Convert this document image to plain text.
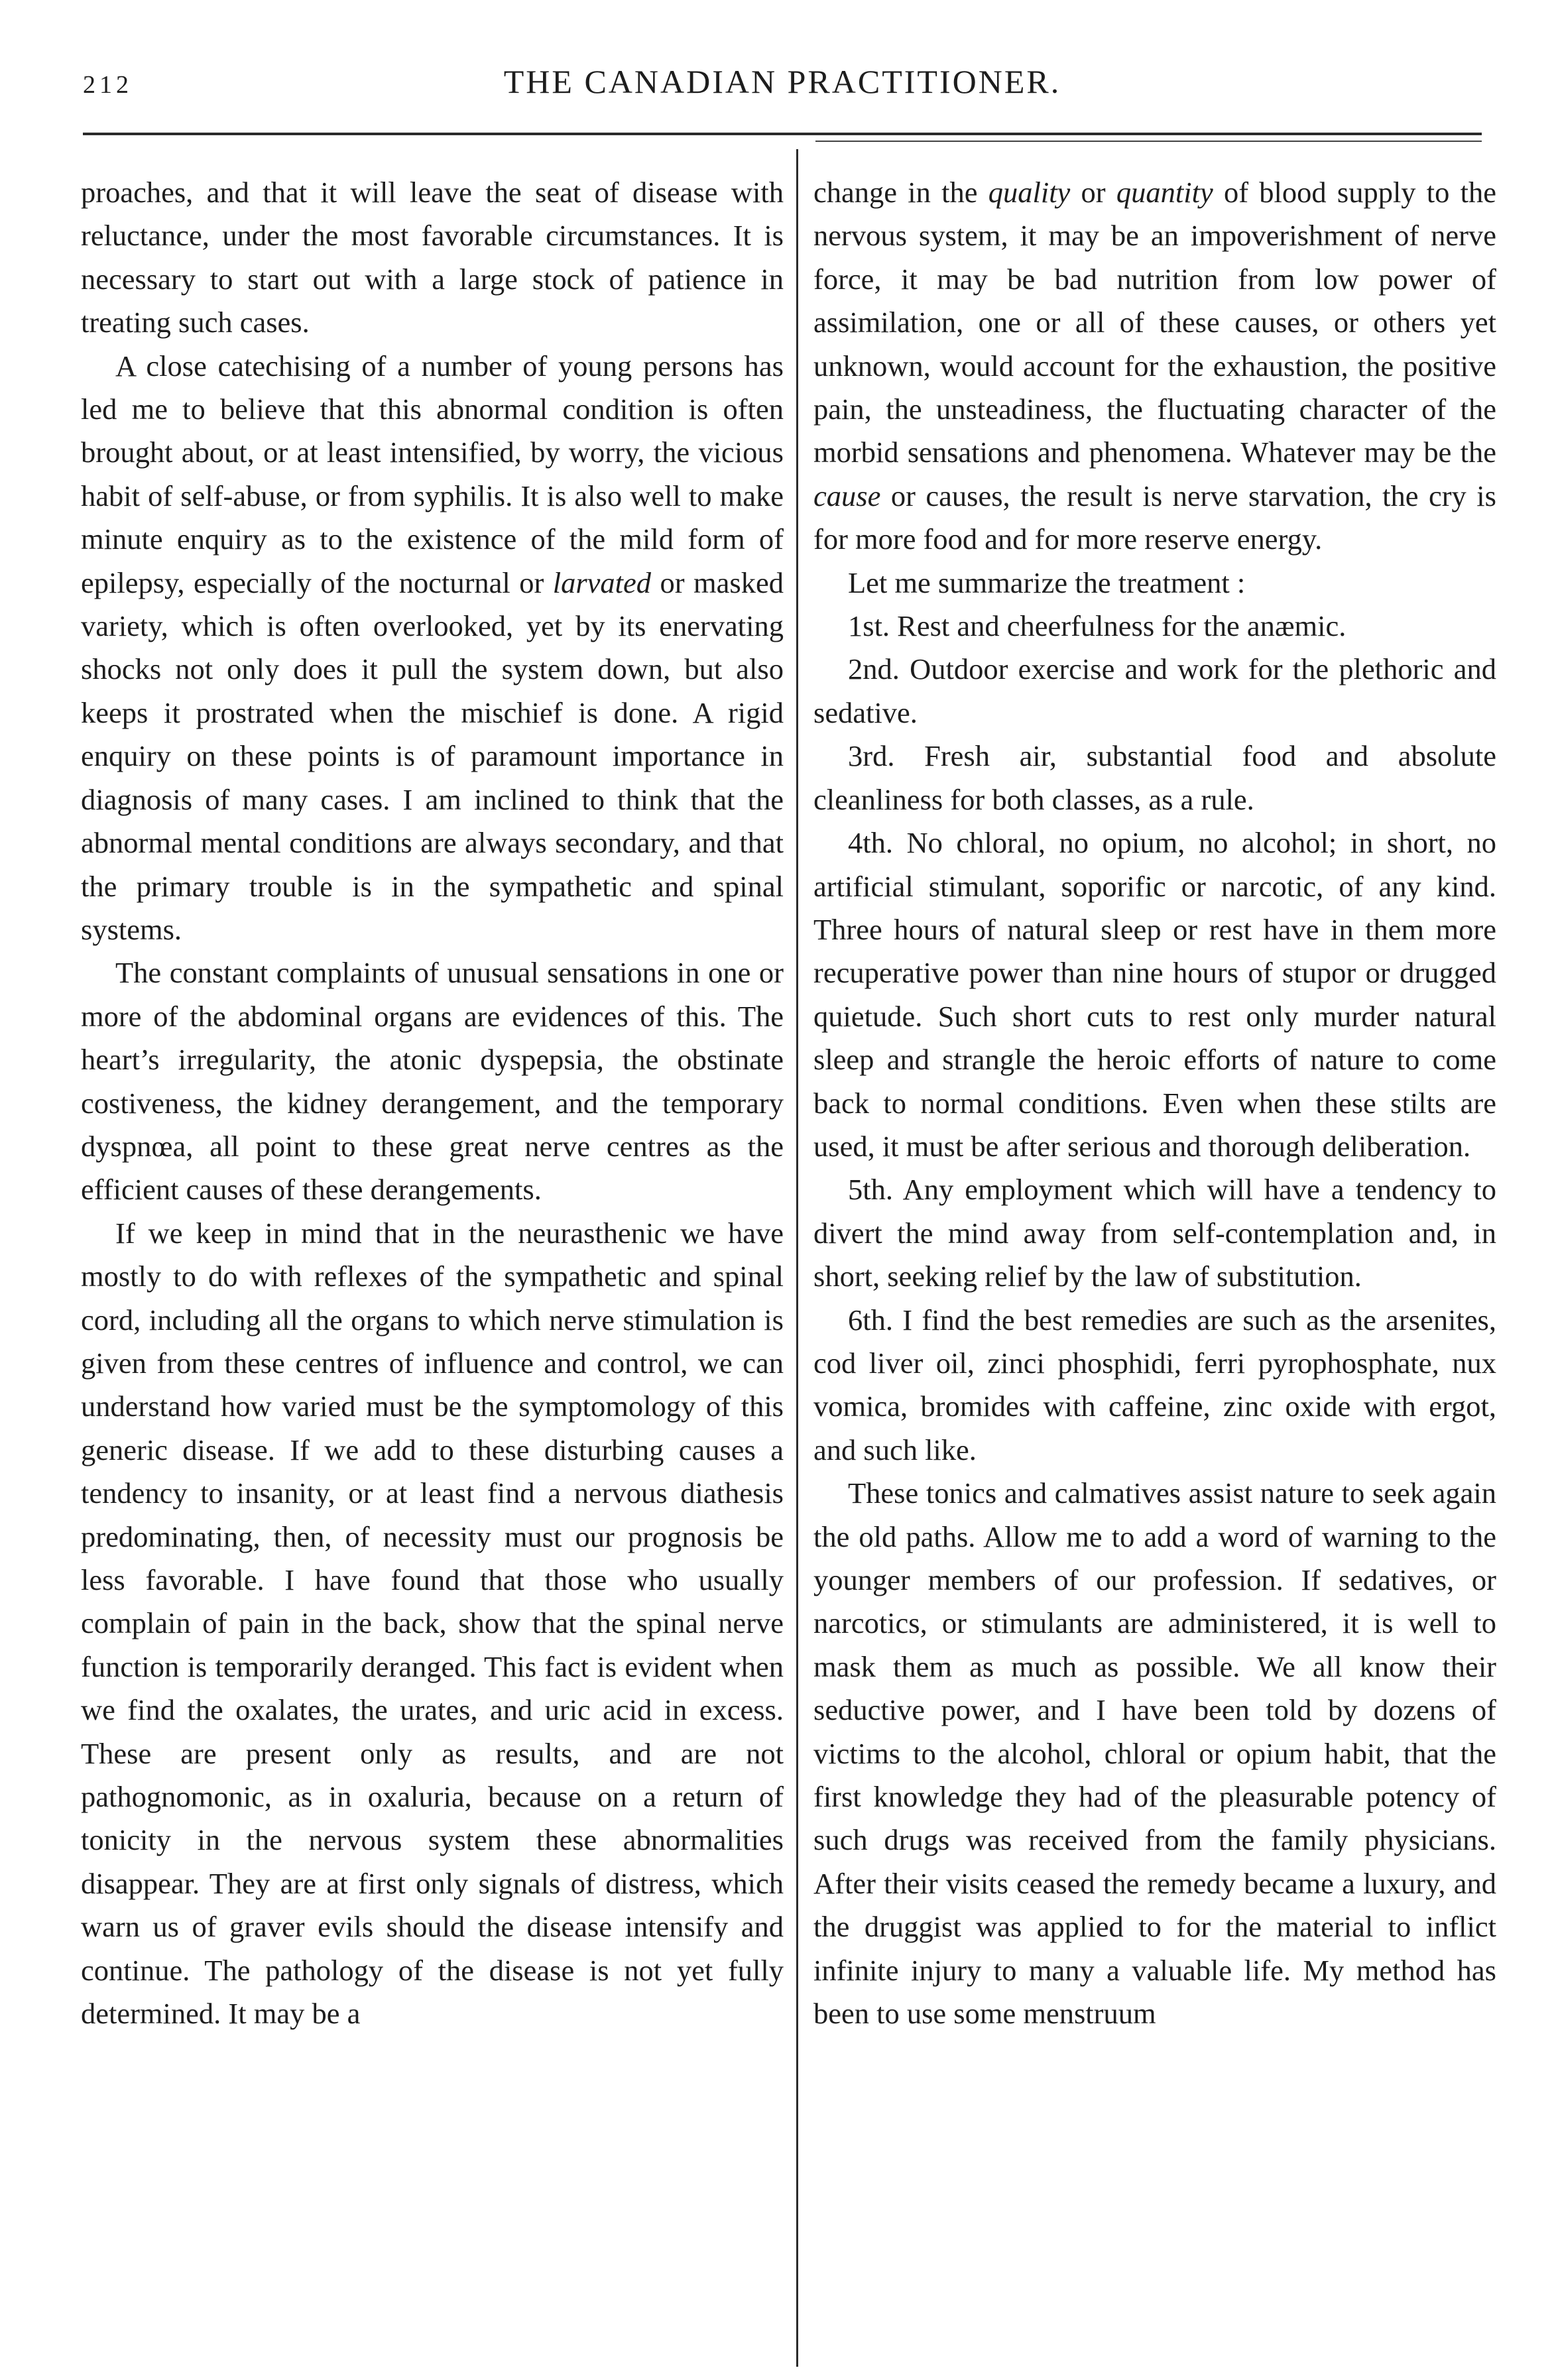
212	THE CANADIAN PRACTITIONER.

proaches, and that it will leave the seat of disease with reluctance, under the most favorable circumstances. It is necessary to start out with a large stock of patience in treating such cases.

A close catechising of a number of young persons has led me to believe that this abnormal condition is often brought about, or at least intensified, by worry, the vicious habit of self-abuse, or from syphilis. It is also well to make minute enquiry as to the existence of the mild form of epilepsy, especially of the nocturnal or larvated or masked variety, which is often overlooked, yet by its enervating shocks not only does it pull the system down, but also keeps it prostrated when the mischief is done. A rigid enquiry on these points is of paramount importance in diagnosis of many cases. I am inclined to think that the abnormal mental conditions are always secondary, and that the primary trouble is in the sympathetic and spinal systems.

The constant complaints of unusual sensations in one or more of the abdominal organs are evidences of this. The heart’s irregularity, the atonic dyspepsia, the obstinate costiveness, the kidney derangement, and the temporary dyspnœa, all point to these great nerve centres as the efficient causes of these derangements.

If we keep in mind that in the neurasthenic we have mostly to do with reflexes of the sympathetic and spinal cord, including all the organs to which nerve stimulation is given from these centres of influence and control, we can understand how varied must be the symptomology of this generic disease. If we add to these disturbing causes a tendency to insanity, or at least find a nervous diathesis predominating, then, of necessity must our prognosis be less favorable. I have found that those who usually complain of pain in the back, show that the spinal nerve function is temporarily deranged. This fact is evident when we find the oxalates, the urates, and uric acid in excess. These are present only as results, and are not pathognomonic, as in oxaluria, because on a return of tonicity in the nervous system these abnormalities disappear. They are at first only signals of distress, which warn us of graver evils should the disease intensify and continue. The pathology of the disease is not yet fully determined. It may be a

change in the quality or quantity of blood supply to the nervous system, it may be an impoverishment of nerve force, it may be bad nutrition from low power of assimilation, one or all of these causes, or others yet unknown, would account for the exhaustion, the positive pain, the unsteadiness, the fluctuating character of the morbid sensations and phenomena. Whatever may be the cause or causes, the result is nerve starvation, the cry is for more food and for more reserve energy.

Let me summarize the treatment :

1st. Rest and cheerfulness for the anæmic.

2nd. Outdoor exercise and work for the plethoric and sedative.

3rd. Fresh air, substantial food and absolute cleanliness for both classes, as a rule.

4th. No chloral, no opium, no alcohol; in short, no artificial stimulant, soporific or narcotic, of any kind. Three hours of natural sleep or rest have in them more recuperative power than nine hours of stupor or drugged quietude. Such short cuts to rest only murder natural sleep and strangle the heroic efforts of nature to come back to normal conditions. Even when these stilts are used, it must be after serious and thorough deliberation.

5th. Any employment which will have a tendency to divert the mind away from self-contemplation and, in short, seeking relief by the law of substitution.

6th. I find the best remedies are such as the arsenites, cod liver oil, zinci phosphidi, ferri pyrophosphate, nux vomica, bromides with caffeine, zinc oxide with ergot, and such like.

These tonics and calmatives assist nature to seek again the old paths. Allow me to add a word of warning to the younger members of our profession. If sedatives, or narcotics, or stimulants are administered, it is well to mask them as much as possible. We all know their seductive power, and I have been told by dozens of victims to the alcohol, chloral or opium habit, that the first knowledge they had of the pleasurable potency of such drugs was received from the family physicians. After their visits ceased the remedy became a luxury, and the druggist was applied to for the material to inflict infinite injury to many a valuable life. My method has been to use some menstruum
